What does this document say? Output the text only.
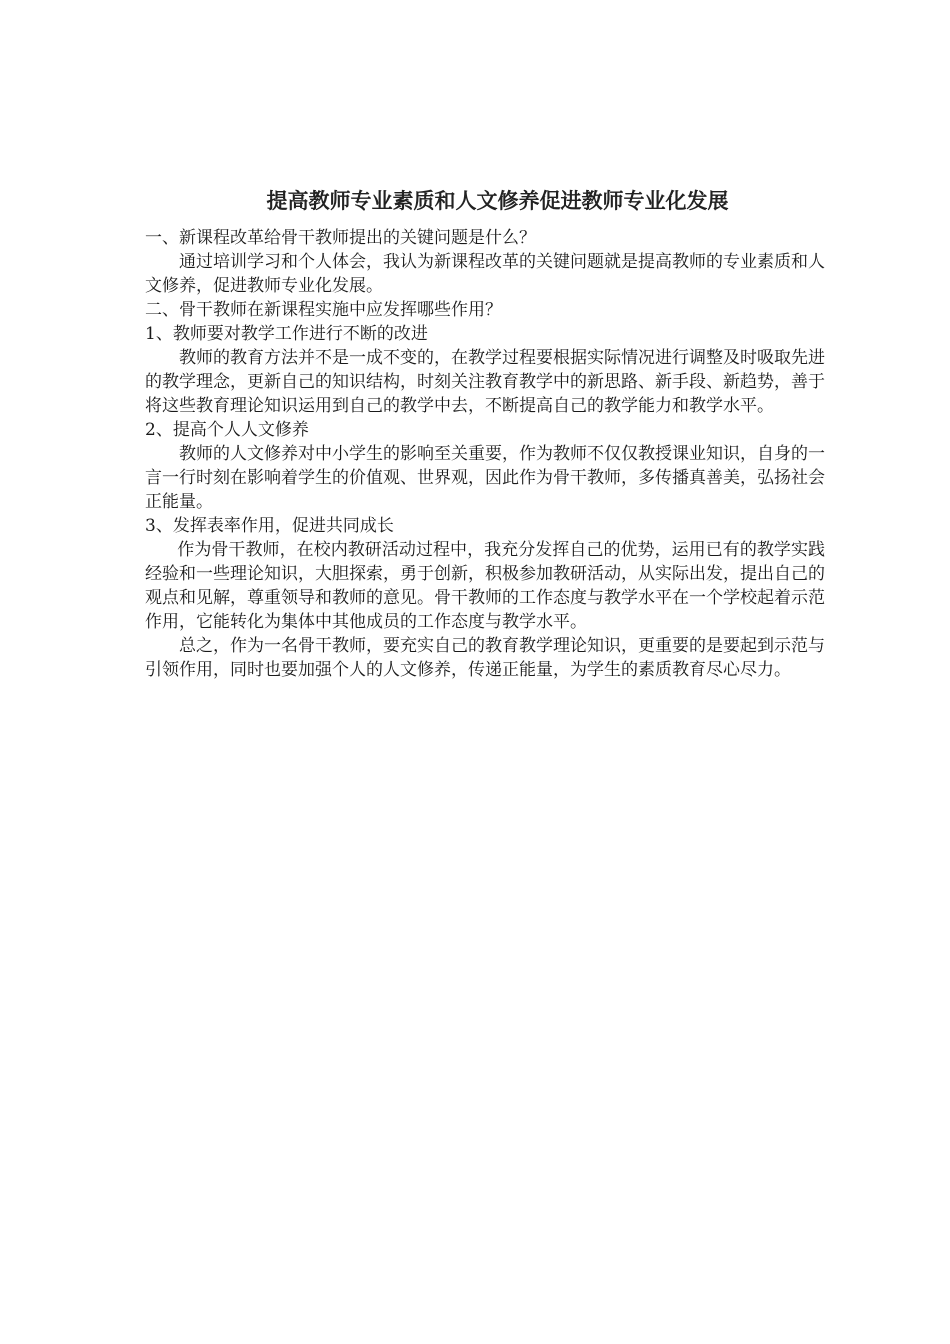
提高教师专业素质和人文修养促进教师专业化发展

一、新课程改革给骨干教师提出的关键问题是什么？

通过培训学习和个人体会，我认为新课程改革的关键问题就是提高教师的专业素质和人文修养，促进教师专业化发展。

二、骨干教师在新课程实施中应发挥哪些作用？

1、教师要对教学工作进行不断的改进

教师的教育方法并不是一成不变的，在教学过程要根据实际情况进行调整及时吸取先进的教学理念，更新自己的知识结构，时刻关注教育教学中的新思路、新手段、新趋势，善于将这些教育理论知识运用到自己的教学中去，不断提高自己的教学能力和教学水平。

2、提高个人人文修养

教师的人文修养对中小学生的影响至关重要，作为教师不仅仅教授课业知识，自身的一言一行时刻在影响着学生的价值观、世界观，因此作为骨干教师，多传播真善美，弘扬社会正能量。

3、发挥表率作用，促进共同成长

作为骨干教师，在校内教研活动过程中，我充分发挥自己的优势，运用已有的教学实践经验和一些理论知识，大胆探索，勇于创新，积极参加教研活动，从实际出发，提出自己的观点和见解，尊重领导和教师的意见。骨干教师的工作态度与教学水平在一个学校起着示范作用，它能转化为集体中其他成员的工作态度与教学水平。

总之，作为一名骨干教师，要充实自己的教育教学理论知识，更重要的是要起到示范与引领作用，同时也要加强个人的人文修养，传递正能量，为学生的素质教育尽心尽力。
